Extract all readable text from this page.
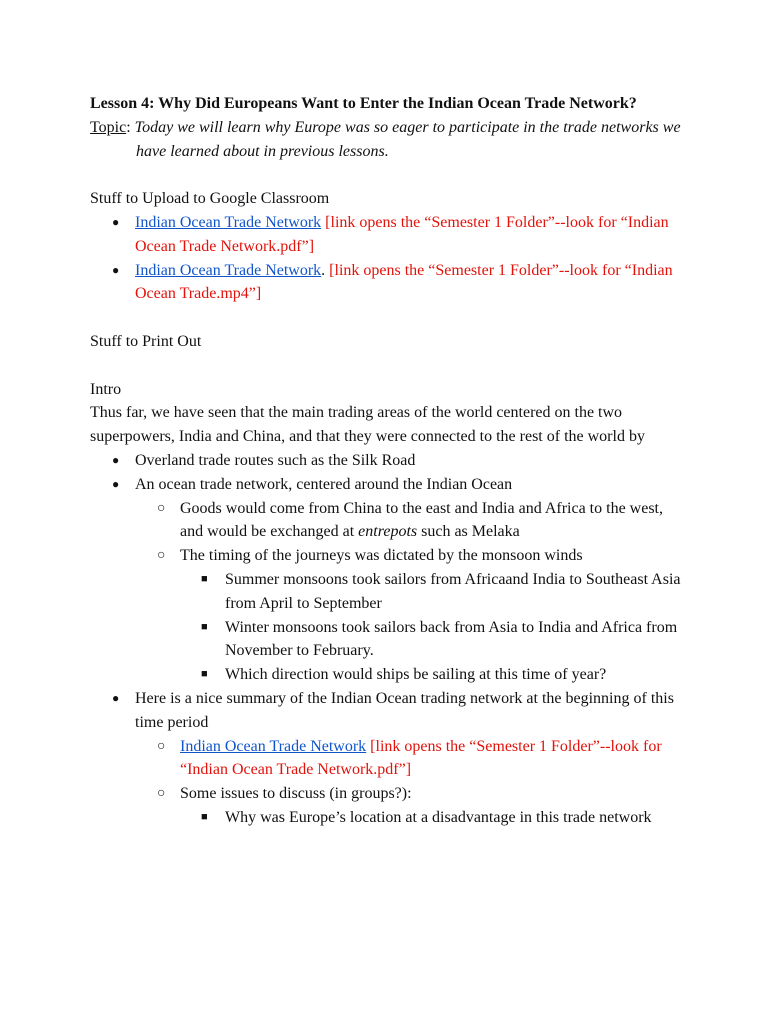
Lesson 4: Why Did Europeans Want to Enter the Indian Ocean Trade Network?
Topic: Today we will learn why Europe was so eager to participate in the trade networks we have learned about in previous lessons.
Stuff to Upload to Google Classroom
● Indian Ocean Trade Network [link opens the “Semester 1 Folder”--look for “Indian Ocean Trade Network.pdf”]
● Indian Ocean Trade Network. [link opens the “Semester 1 Folder”--look for “Indian Ocean Trade.mp4”]
Stuff to Print Out
Intro
Thus far, we have seen that the main trading areas of the world centered on the two superpowers, India and China, and that they were connected to the rest of the world by
● Overland trade routes such as the Silk Road
● An ocean trade network, centered around the Indian Ocean
○ Goods would come from China to the east and India and Africa to the west, and would be exchanged at entrepots such as Melaka
○ The timing of the journeys was dictated by the monsoon winds
■ Summer monsoons took sailors from Africaand India to Southeast Asia from April to September
■ Winter monsoons took sailors back from Asia to India and Africa from November to February.
■ Which direction would ships be sailing at this time of year?
● Here is a nice summary of the Indian Ocean trading network at the beginning of this time period
○ Indian Ocean Trade Network [link opens the “Semester 1 Folder”--look for “Indian Ocean Trade Network.pdf”]
○ Some issues to discuss (in groups?):
■ Why was Europe’s location at a disadvantage in this trade network
